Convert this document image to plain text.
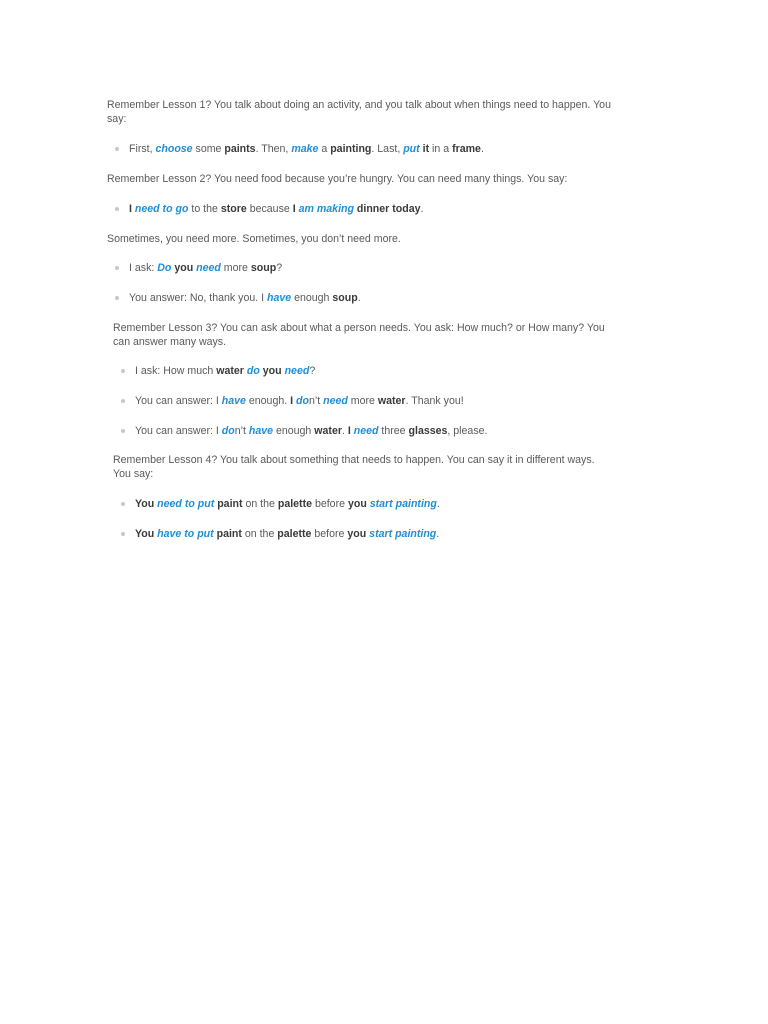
Remember Lesson 1? You talk about doing an activity, and you talk about when things need to happen. You say:
First, choose some paints. Then, make a painting. Last, put it in a frame.
Remember Lesson 2? You need food because you’re hungry. You can need many things. You say:
I need to go to the store because I am making dinner today.
Sometimes, you need more. Sometimes, you don’t need more.
I ask: Do you need more soup?
You answer: No, thank you. I have enough soup.
Remember Lesson 3? You can ask about what a person needs. You ask: How much? or How many? You can answer many ways.
I ask: How much water do you need?
You can answer: I have enough. I don’t need more water. Thank you!
You can answer: I don’t have enough water. I need three glasses, please.
Remember Lesson 4? You talk about something that needs to happen. You can say it in different ways. You say:
You need to put paint on the palette before you start painting.
You have to put paint on the palette before you start painting.
